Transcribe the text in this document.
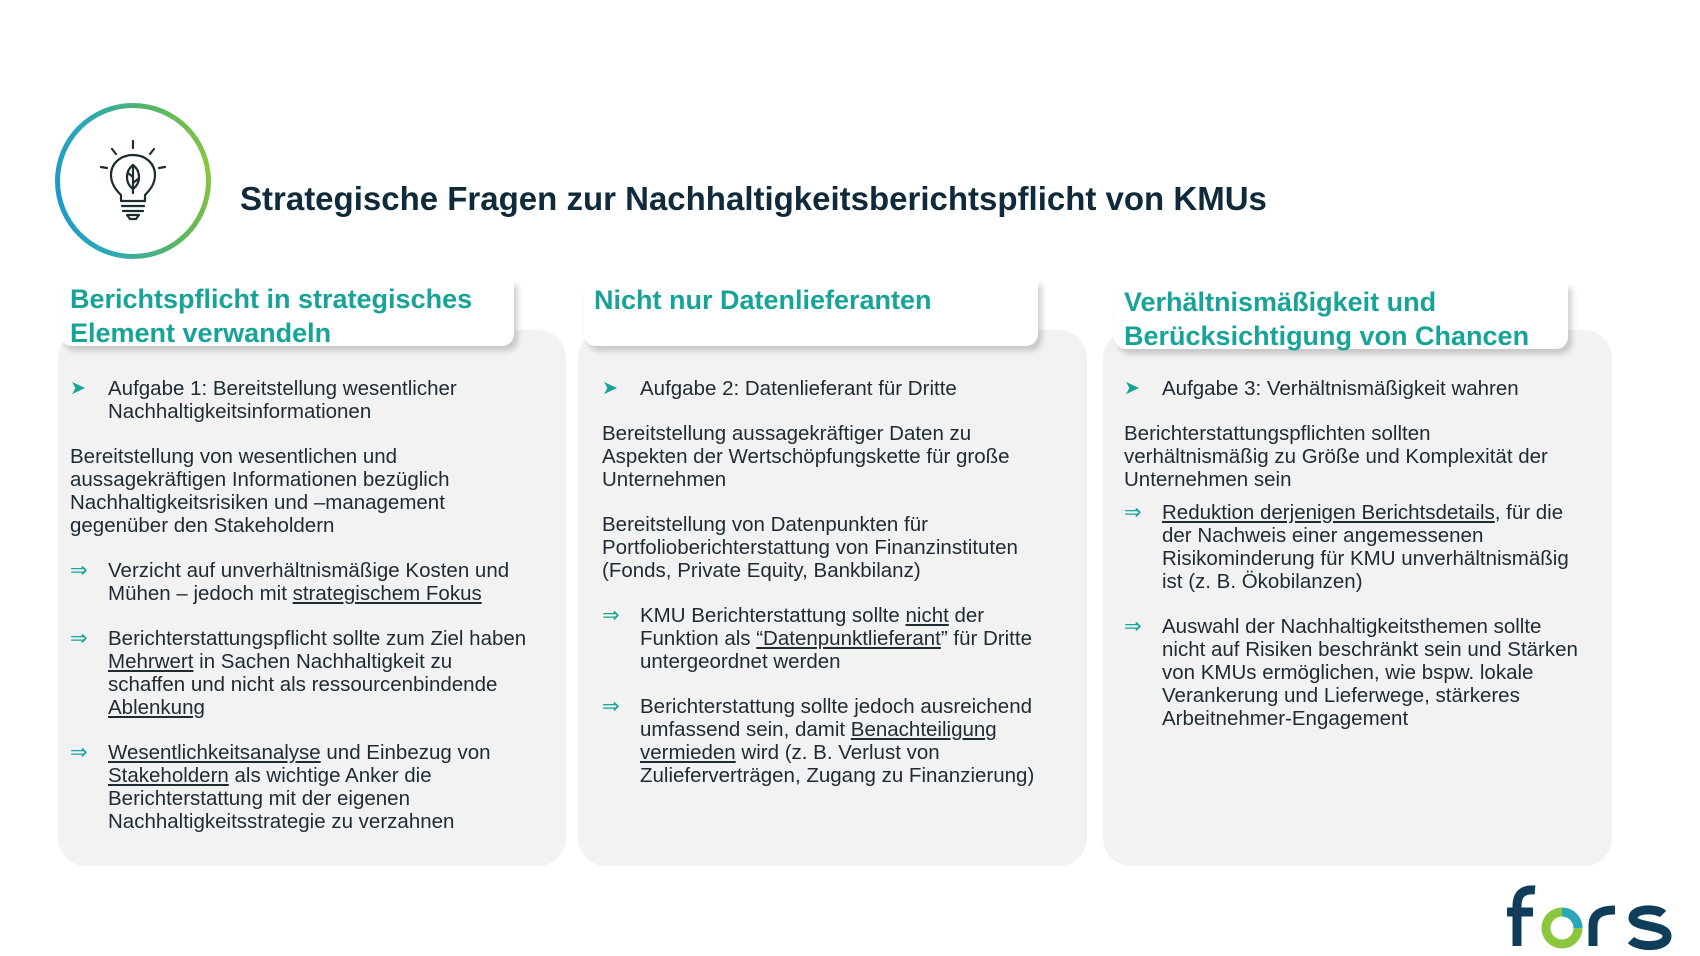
Strategische Fragen zur Nachhaltigkeitsberichtspflicht von KMUs
Berichtspflicht in strategisches
Element verwandeln
➤	Aufgabe 1: Bereitstellung wesentlicher
Nachhaltigkeitsinformationen

Bereitstellung von wesentlichen und
aussagekräftigen Informationen bezüglich
Nachhaltigkeitsrisiken und –management
gegenüber den Stakeholdern

⇒ Verzicht auf unverhältnismäßige Kosten und
Mühen – jedoch mit strategischem Fokus
⇒ Berichterstattungspflicht sollte zum Ziel haben
Mehrwert in Sachen Nachhaltigkeit zu
schaffen und nicht als ressourcenbindende
Ablenkung
⇒ Wesentlichkeitsanalyse und Einbezug von
Stakeholdern als wichtige Anker die
Berichterstattung mit der eigenen
Nachhaltigkeitsstrategie zu verzahnen
Nicht nur Datenlieferanten
➤	Aufgabe 2: Datenlieferant für Dritte

Bereitstellung aussagekräftiger Daten zu
Aspekten der Wertschöpfungskette für große
Unternehmen

Bereitstellung von Datenpunkten für
Portfolioberichterstattung von Finanzinstituten
(Fonds, Private Equity, Bankbilanz)

⇒ KMU Berichterstattung sollte nicht der
Funktion als “Datenpunktlieferant” für Dritte
untergeordnet werden
⇒ Berichterstattung sollte jedoch ausreichend
umfassend sein, damit Benachteiligung
vermieden wird (z. B. Verlust von
Zulieferverträgen, Zugang zu Finanzierung)
Verhältnismäßigkeit und
Berücksichtigung von Chancen
➤	Aufgabe 3: Verhältnismäßigkeit wahren

Berichterstattungspflichten sollten
verhältnismäßig zu Größe und Komplexität der
Unternehmen sein

⇒ Reduktion derjenigen Berichtsdetails, für die
der Nachweis einer angemessenen
Risikominderung für KMU unverhältnismäßig
ist (z. B. Ökobilanzen)
⇒ Auswahl der Nachhaltigkeitsthemen sollte
nicht auf Risiken beschränkt sein und Stärken
von KMUs ermöglichen, wie bspw. lokale
Verankerung und Lieferwege, stärkeres
Arbeitnehmer-Engagement
